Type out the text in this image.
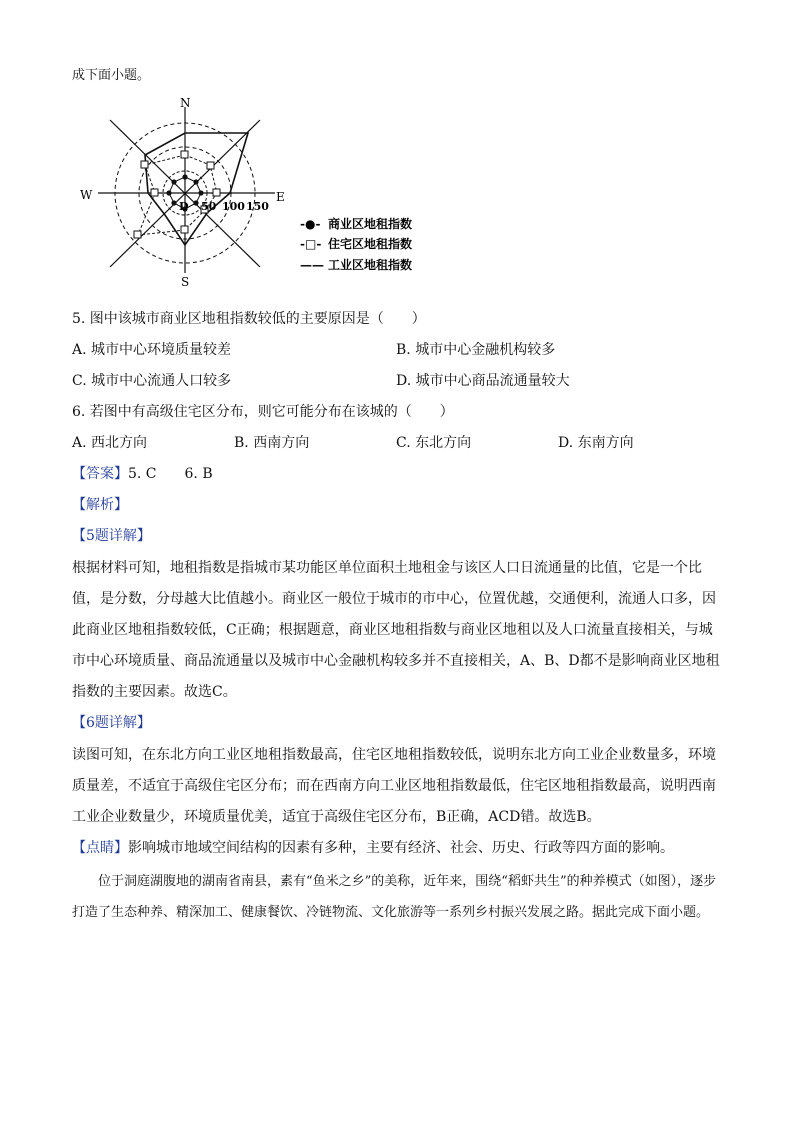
成下面小题。
N
S
E
W
D 50 100 150
-●- 商业区地租指数
-□- 住宅区地租指数
—— 工业区地租指数
5. 图中该城市商业区地租指数较低的主要原因是（　　）
A. 城市中心环境质量较差	B. 城市中心金融机构较多
C. 城市中心流通人口较多	D. 城市中心商品流通量较大
6. 若图中有高级住宅区分布，则它可能分布在该城的（　　）
A. 西北方向	B. 西南方向	C. 东北方向	D. 东南方向
【答案】5. C　　6. B
【解析】
【5题详解】
根据材料可知，地租指数是指城市某功能区单位面积土地租金与该区人口日流通量的比值，它是一个比值，是分数，分母越大比值越小。商业区一般位于城市的市中心，位置优越，交通便利，流通人口多，因此商业区地租指数较低，C正确；根据题意，商业区地租指数与商业区地租以及人口流量直接相关，与城市中心环境质量、商品流通量以及城市中心金融机构较多并不直接相关，A、B、D都不是影响商业区地租指数的主要因素。故选C。
【6题详解】
读图可知，在东北方向工业区地租指数最高，住宅区地租指数较低，说明东北方向工业企业数量多，环境质量差，不适宜于高级住宅区分布；而在西南方向工业区地租指数最低，住宅区地租指数最高，说明西南工业企业数量少，环境质量优美，适宜于高级住宅区分布，B正确，ACD错。故选B。
【点睛】影响城市地域空间结构的因素有多种，主要有经济、社会、历史、行政等四方面的影响。
　　位于洞庭湖腹地的湖南省南县，素有“鱼米之乡”的美称，近年来，围绕“稻虾共生”的种养模式（如图），逐步打造了生态种养、精深加工、健康餐饮、冷链物流、文化旅游等一系列乡村振兴发展之路。据此完成下面小题。
